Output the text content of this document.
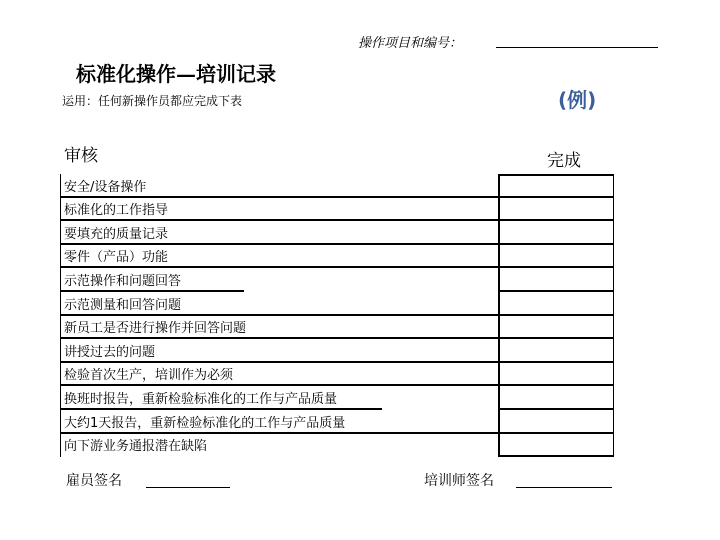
操作项目和编号：
标准化操作—培训记录
(例)
运用：任何新操作员都应完成下表
审核	完成
安全/设备操作
标准化的工作指导
要填充的质量记录
零件（产品）功能
示范操作和问题回答
示范测量和回答问题
新员工是否进行操作并回答问题
讲授过去的问题
检验首次生产，培训作为必须
换班时报告，重新检验标准化的工作与产品质量
大约1天报告，重新检验标准化的工作与产品质量
向下游业务通报潜在缺陷
雇员签名	培训师签名
